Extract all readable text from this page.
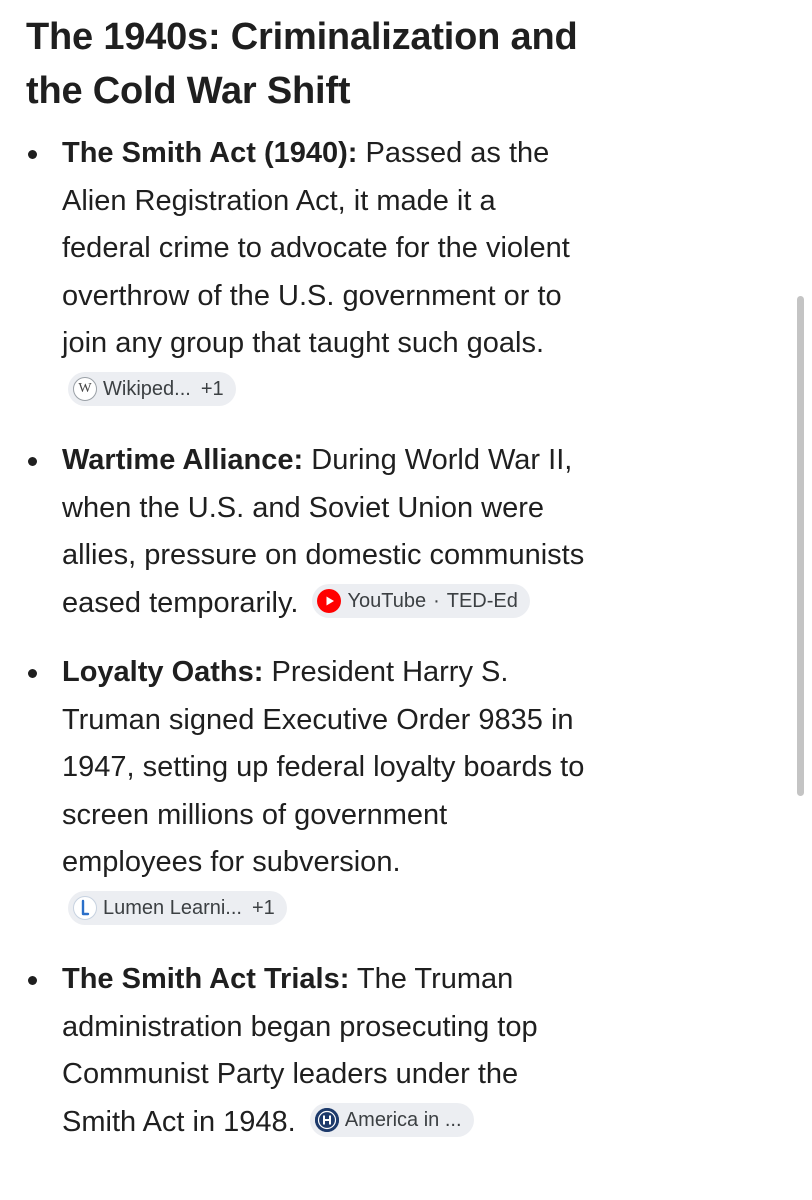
The 1940s: Criminalization and the Cold War Shift
The Smith Act (1940): Passed as the Alien Registration Act, it made it a federal crime to advocate for the violent overthrow of the U.S. government or to join any group that taught such goals.
W Wikiped... +1
Wartime Alliance: During World War II, when the U.S. and Soviet Union were allies, pressure on domestic communists eased temporarily. YouTube · TED-Ed
Loyalty Oaths: President Harry S. Truman signed Executive Order 9835 in 1947, setting up federal loyalty boards to screen millions of government employees for subversion.
Lumen Learni... +1
The Smith Act Trials: The Truman administration began prosecuting top Communist Party leaders under the Smith Act in 1948. America in ...
